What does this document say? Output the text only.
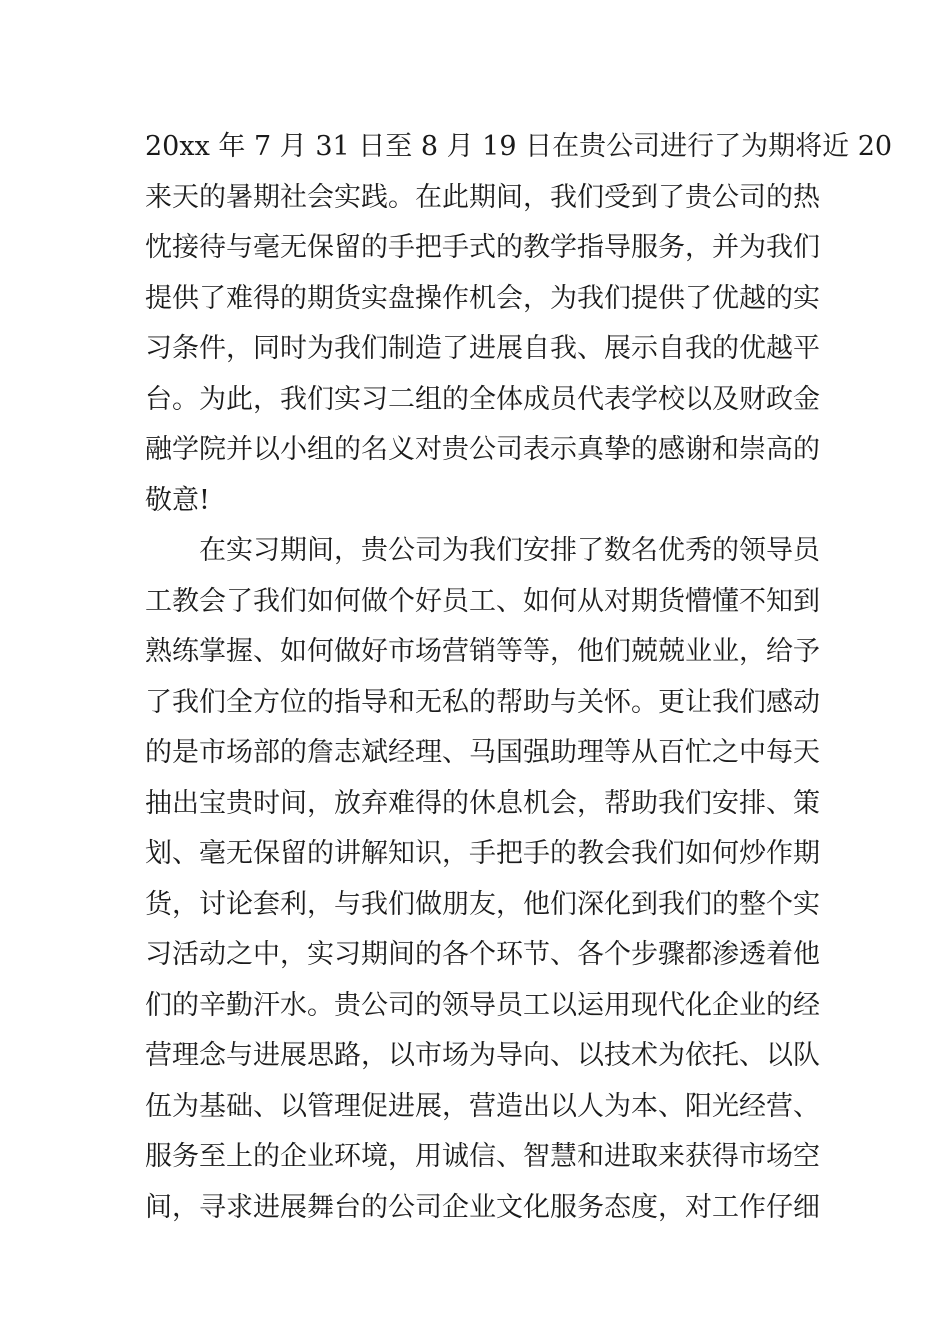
20xx 年 7 月 31 日至 8 月 19 日在贵公司进行了为期将近 20
来天的暑期社会实践。在此期间，我们受到了贵公司的热
忱接待与毫无保留的手把手式的教学指导服务，并为我们
提供了难得的期货实盘操作机会，为我们提供了优越的实
习条件，同时为我们制造了进展自我、展示自我的优越平
台。为此，我们实习二组的全体成员代表学校以及财政金
融学院并以小组的名义对贵公司表示真挚的感谢和崇高的
敬意!
在实习期间，贵公司为我们安排了数名优秀的领导员
工教会了我们如何做个好员工、如何从对期货懵懂不知到
熟练掌握、如何做好市场营销等等，他们兢兢业业，给予
了我们全方位的指导和无私的帮助与关怀。更让我们感动
的是市场部的詹志斌经理、马国强助理等从百忙之中每天
抽出宝贵时间，放弃难得的休息机会，帮助我们安排、策
划、毫无保留的讲解知识，手把手的教会我们如何炒作期
货，讨论套利，与我们做朋友，他们深化到我们的整个实
习活动之中，实习期间的各个环节、各个步骤都渗透着他
们的辛勤汗水。贵公司的领导员工以运用现代化企业的经
营理念与进展思路，以市场为导向、以技术为依托、以队
伍为基础、以管理促进展，营造出以人为本、阳光经营、
服务至上的企业环境，用诚信、智慧和进取来获得市场空
间，寻求进展舞台的公司企业文化服务态度，对工作仔细
